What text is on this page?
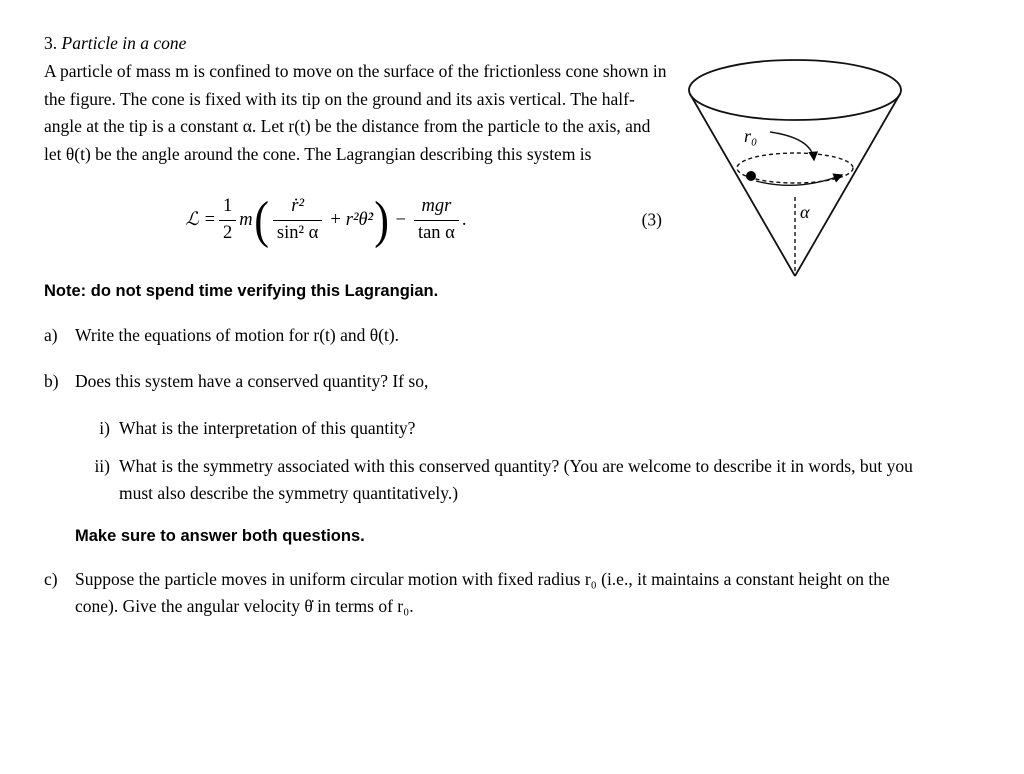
3. Particle in a cone
A particle of mass m is confined to move on the surface of the frictionless cone shown in the figure. The cone is fixed with its tip on the ground and its axis vertical. The half-angle at the tip is a constant α. Let r(t) be the distance from the particle to the axis, and let θ(t) be the angle around the cone. The Lagrangian describing this system is
ℒ = $\frac{1}{2}$ m ( $\frac{\text{ṙ²}}{\text{sin² α}}$ + r²θ̇² ) − $\frac{\text{mgr}}{\text{tan α}}$ .	(3)
Note: do not spend time verifying this Lagrangian.
a) Write the equations of motion for r(t) and θ(t).
b) Does this system have a conserved quantity? If so,
i) What is the interpretation of this quantity?
ii) What is the symmetry associated with this conserved quantity? (You are welcome to describe it in words, but you must also describe the symmetry quantitatively.)
Make sure to answer both questions.
c) Suppose the particle moves in uniform circular motion with fixed radius r₀ (i.e., it maintains a constant height on the cone). Give the angular velocity θ̇ in terms of r₀.
r₀
α
